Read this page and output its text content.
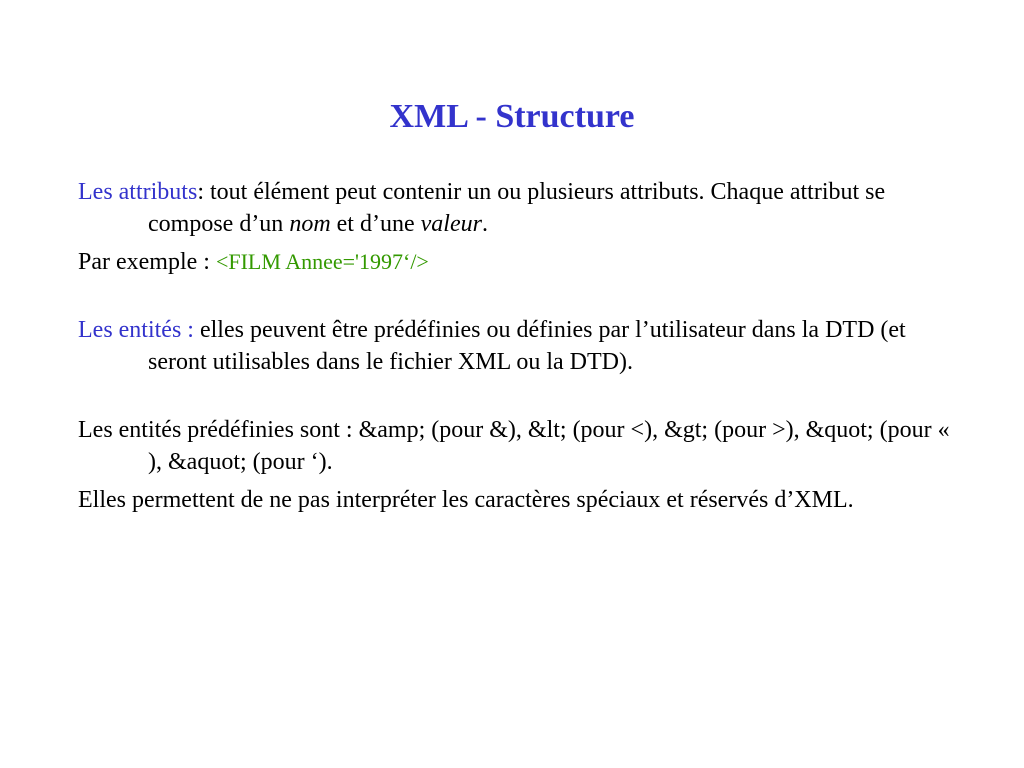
XML - Structure

Les attributs: tout élément peut contenir un ou plusieurs attributs. Chaque attribut se compose d’un nom et d’une valeur.

Par exemple : <FILM Annee='1997‘/>

Les entités : elles peuvent être prédéfinies ou définies par l’utilisateur dans la DTD (et seront utilisables dans le fichier XML ou la DTD).

Les entités prédéfinies sont : &amp; (pour &), &lt; (pour <), &gt; (pour >), &quot; (pour « ), &aquot; (pour ‘).

Elles permettent de ne pas interpréter les caractères spéciaux et réservés d’XML.
